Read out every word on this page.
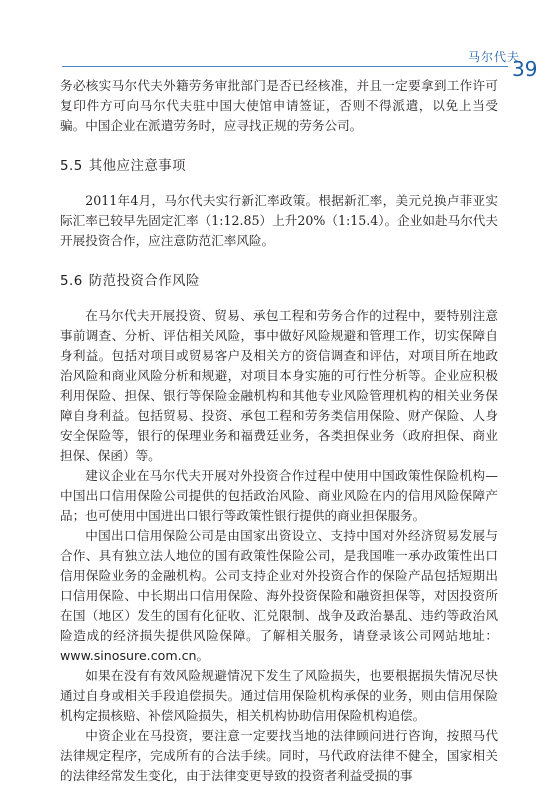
马尔代夫
39

务必核实马尔代夫外籍劳务审批部门是否已经核准，并且一定要拿到工作许可复印件方可向马尔代夫驻中国大使馆申请签证，否则不得派遣，以免上当受骗。中国企业在派遣劳务时，应寻找正规的劳务公司。

5.5 其他应注意事项

2011年4月，马尔代夫实行新汇率政策。根据新汇率，美元兑换卢菲亚实际汇率已较早先固定汇率（1:12.85）上升20%（1:15.4）。企业如赴马尔代夫开展投资合作，应注意防范汇率风险。

5.6 防范投资合作风险

在马尔代夫开展投资、贸易、承包工程和劳务合作的过程中，要特别注意事前调查、分析、评估相关风险，事中做好风险规避和管理工作，切实保障自身利益。包括对项目或贸易客户及相关方的资信调查和评估，对项目所在地政治风险和商业风险分析和规避，对项目本身实施的可行性分析等。企业应积极利用保险、担保、银行等保险金融机构和其他专业风险管理机构的相关业务保障自身利益。包括贸易、投资、承包工程和劳务类信用保险、财产保险、人身安全保险等，银行的保理业务和福费廷业务，各类担保业务（政府担保、商业担保、保函）等。

建议企业在马尔代夫开展对外投资合作过程中使用中国政策性保险机构—中国出口信用保险公司提供的包括政治风险、商业风险在内的信用风险保障产品；也可使用中国进出口银行等政策性银行提供的商业担保服务。

中国出口信用保险公司是由国家出资设立、支持中国对外经济贸易发展与合作、具有独立法人地位的国有政策性保险公司，是我国唯一承办政策性出口信用保险业务的金融机构。公司支持企业对外投资合作的保险产品包括短期出口信用保险、中长期出口信用保险、海外投资保险和融资担保等，对因投资所在国（地区）发生的国有化征收、汇兑限制、战争及政治暴乱、违约等政治风险造成的经济损失提供风险保障。了解相关服务，请登录该公司网站地址：www.sinosure.com.cn。

如果在没有有效风险规避情况下发生了风险损失，也要根据损失情况尽快通过自身或相关手段追偿损失。通过信用保险机构承保的业务，则由信用保险机构定损核赔、补偿风险损失，相关机构协助信用保险机构追偿。

中资企业在马投资，要注意一定要找当地的法律顾问进行咨询，按照马代法律规定程序，完成所有的合法手续。同时，马代政府法律不健全，国家相关的法律经常发生变化，由于法律变更导致的投资者利益受损的事
